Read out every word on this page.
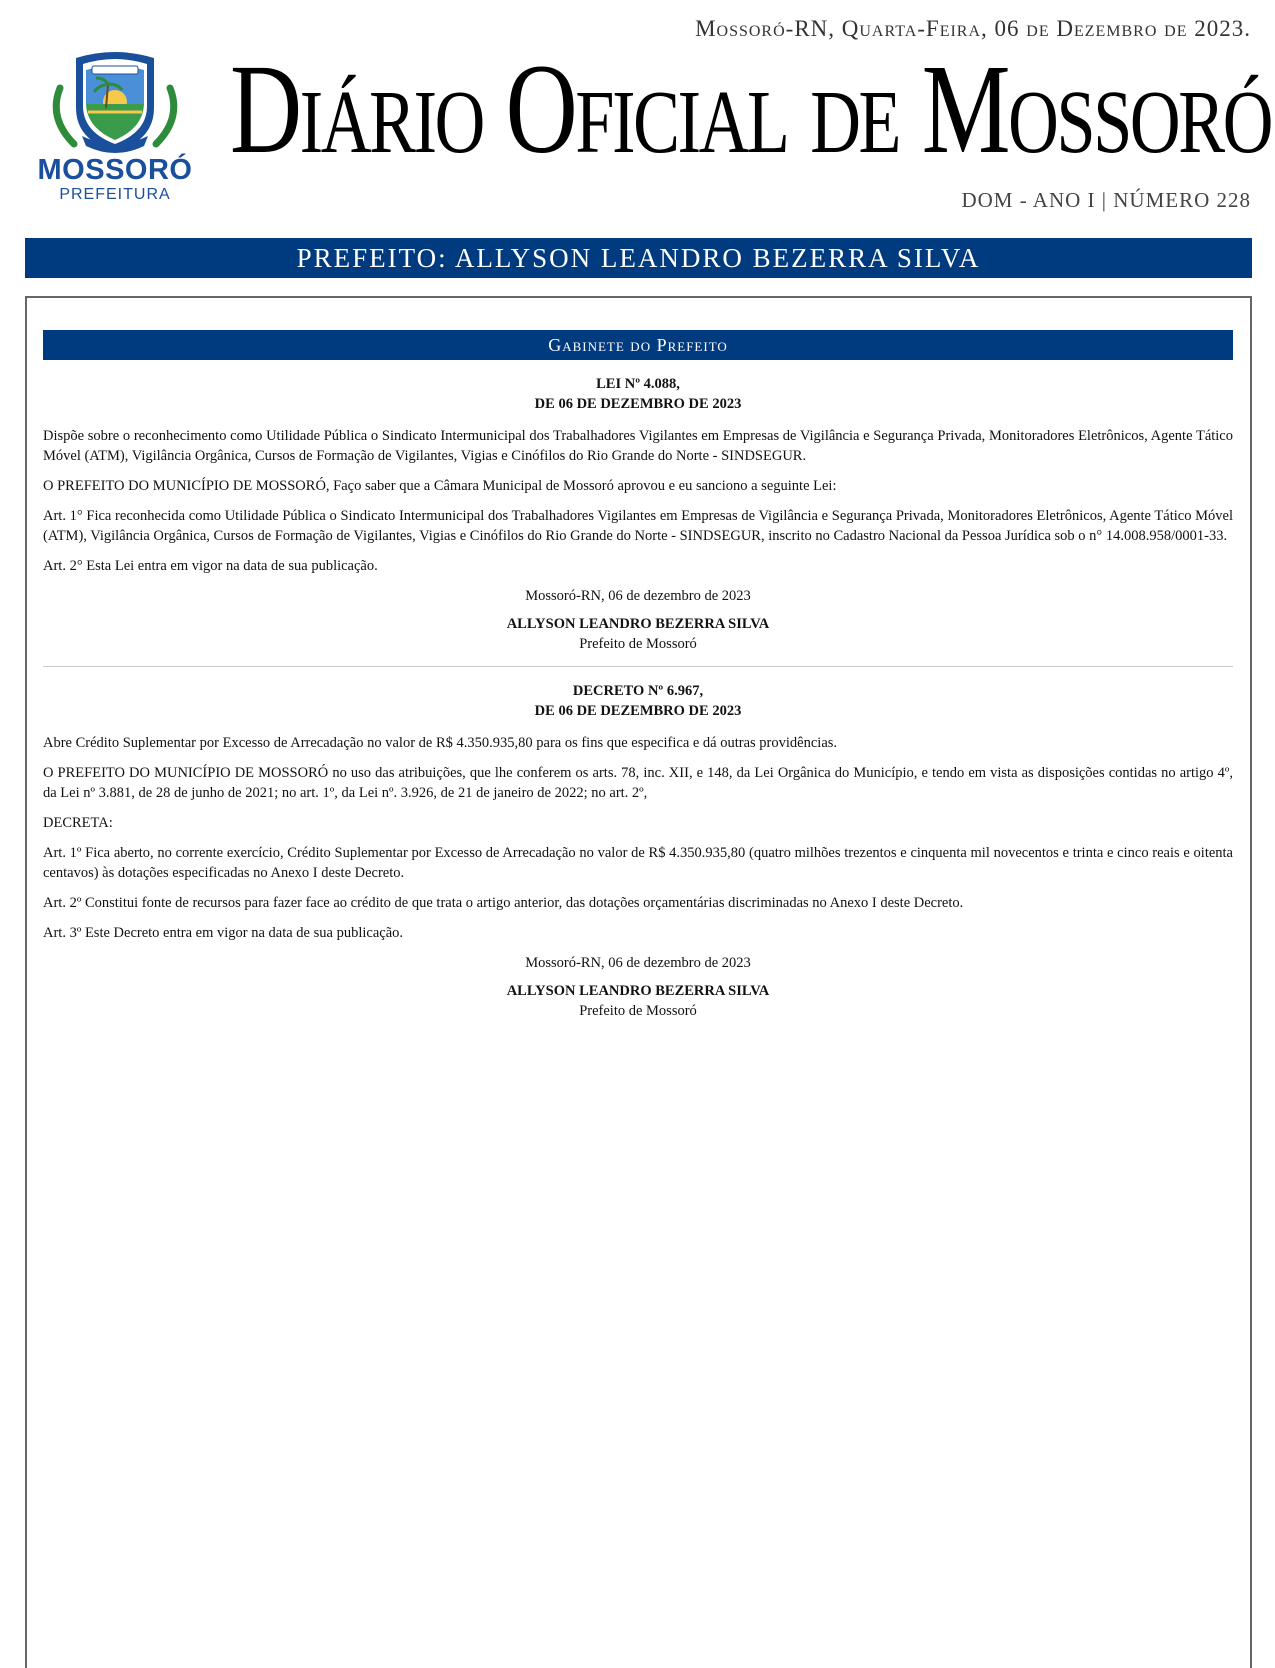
Mossoró-RN, Quarta-Feira, 06 de Dezembro de 2023.
MOSSORÓ
PREFEITURA
Diário Oficial de Mossoró
DOM - ANO I | NÚMERO 228
PREFEITO: ALLYSON LEANDRO BEZERRA SILVA
Gabinete do Prefeito
LEI Nº 4.088,
DE 06 DE DEZEMBRO DE 2023

Dispõe sobre o reconhecimento como Utilidade Pública o Sindicato Intermunicipal dos Trabalhadores Vigilantes em Empresas de Vigilância e Segurança Privada, Monitoradores Eletrônicos, Agente Tático Móvel (ATM), Vigilância Orgânica, Cursos de Formação de Vigilantes, Vigias e Cinófilos do Rio Grande do Norte - SINDSEGUR.

O PREFEITO DO MUNICÍPIO DE MOSSORÓ, Faço saber que a Câmara Municipal de Mossoró aprovou e eu sanciono a seguinte Lei:

Art. 1° Fica reconhecida como Utilidade Pública o Sindicato Intermunicipal dos Trabalhadores Vigilantes em Empresas de Vigilância e Segurança Privada, Monitoradores Eletrônicos, Agente Tático Móvel (ATM), Vigilância Orgânica, Cursos de Formação de Vigilantes, Vigias e Cinófilos do Rio Grande do Norte - SINDSEGUR, inscrito no Cadastro Nacional da Pessoa Jurídica sob o n° 14.008.958/0001-33.

Art. 2° Esta Lei entra em vigor na data de sua publicação.

Mossoró-RN, 06 de dezembro de 2023
ALLYSON LEANDRO BEZERRA SILVA
Prefeito de Mossoró
DECRETO Nº 6.967,
DE 06 DE DEZEMBRO DE 2023

Abre Crédito Suplementar por Excesso de Arrecadação no valor de R$ 4.350.935,80 para os fins que especifica e dá outras providências.

O PREFEITO DO MUNICÍPIO DE MOSSORÓ no uso das atribuições, que lhe conferem os arts. 78, inc. XII, e 148, da Lei Orgânica do Município, e tendo em vista as disposições contidas no artigo 4º, da Lei nº 3.881, de 28 de junho de 2021; no art. 1º, da Lei nº. 3.926, de 21 de janeiro de 2022; no art. 2º,

DECRETA:

Art. 1º Fica aberto, no corrente exercício, Crédito Suplementar por Excesso de Arrecadação no valor de R$ 4.350.935,80 (quatro milhões trezentos e cinquenta mil novecentos e trinta e cinco reais e oitenta centavos) às dotações especificadas no Anexo I deste Decreto.

Art. 2º Constitui fonte de recursos para fazer face ao crédito de que trata o artigo anterior, das dotações orçamentárias discriminadas no Anexo I deste Decreto.

Art. 3º Este Decreto entra em vigor na data de sua publicação.

Mossoró-RN, 06 de dezembro de 2023
ALLYSON LEANDRO BEZERRA SILVA
Prefeito de Mossoró
